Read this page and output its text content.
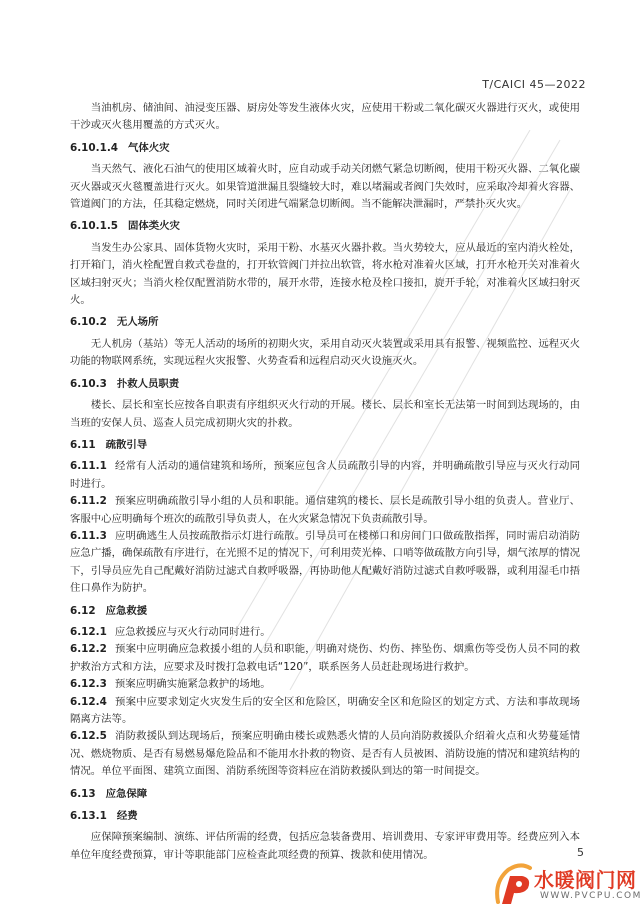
T/CAICI 45—2022
当油机房、储油间、油浸变压器、厨房处等发生液体火灾，应使用干粉或二氧化碳灭火器进行灭火，或使用干沙或灭火毯用覆盖的方式灭火。
6.10.1.4 气体火灾
当天然气、液化石油气的使用区域着火时，应自动或手动关闭燃气紧急切断阀，使用干粉灭火器、二氧化碳灭火器或灭火毯覆盖进行灭火。如果管道泄漏且裂缝较大时，难以堵漏或者阀门失效时，应采取冷却着火容器、管道阀门的方法，任其稳定燃烧，同时关闭进气端紧急切断阀。当不能解决泄漏时，严禁扑灭火灾。
6.10.1.5 固体类火灾
当发生办公家具、固体货物火灾时，采用干粉、水基灭火器扑救。当火势较大，应从最近的室内消火栓处，打开箱门，消火栓配置自救式卷盘的，打开软管阀门并拉出软管，将水枪对准着火区域，打开水枪开关对准着火区域扫射灭火；当消火栓仅配置消防水带的，展开水带，连接水枪及栓口接扣，旋开手轮，对准着火区域扫射灭火。
6.10.2 无人场所
无人机房（基站）等无人活动的场所的初期火灾，采用自动灭火装置或采用具有报警、视频监控、远程灭火功能的物联网系统，实现远程火灾报警、火势查看和远程启动灭火设施灭火。
6.10.3 扑救人员职责
楼长、层长和室长应按各自职责有序组织灭火行动的开展。楼长、层长和室长无法第一时间到达现场的，由当班的安保人员、巡查人员完成初期火灾的扑救。
6.11 疏散引导
6.11.1 经常有人活动的通信建筑和场所，预案应包含人员疏散引导的内容，并明确疏散引导应与灭火行动同时进行。
6.11.2 预案应明确疏散引导小组的人员和职能。通信建筑的楼长、层长是疏散引导小组的负责人。营业厅、客服中心应明确每个班次的疏散引导负责人，在火灾紧急情况下负责疏散引导。
6.11.3 应明确逃生人员按疏散指示灯进行疏散。引导员可在楼梯口和房间门口做疏散指挥，同时需启动消防应急广播，确保疏散有序进行，在光照不足的情况下，可利用荧光棒、口哨等做疏散方向引导，烟气浓厚的情况下，引导员应先自己配戴好消防过滤式自救呼吸器，再协助他人配戴好消防过滤式自救呼吸器，或利用湿毛巾捂住口鼻作为防护。
6.12 应急救援
6.12.1 应急救援应与灭火行动同时进行。
6.12.2 预案中应明确应急救援小组的人员和职能，明确对烧伤、灼伤、摔坠伤、烟熏伤等受伤人员不同的救护救治方式和方法，应要求及时拨打急救电话“120”，联系医务人员赶赴现场进行救护。
6.12.3 预案应明确实施紧急救护的场地。
6.12.4 预案中应要求划定火灾发生后的安全区和危险区，明确安全区和危险区的划定方式、方法和事故现场隔离方法等。
6.12.5 消防救援队到达现场后，预案应明确由楼长或熟悉火情的人员向消防救援队介绍着火点和火势蔓延情况、燃烧物质、是否有易燃易爆危险品和不能用水扑救的物资、是否有人员被困、消防设施的情况和建筑结构的情况。单位平面图、建筑立面图、消防系统图等资料应在消防救援队到达的第一时间提交。
6.13 应急保障
6.13.1 经费
应保障预案编制、演练、评估所需的经费，包括应急装备费用、培训费用、专家评审费用等。经费应列入本单位年度经费预算，审计等职能部门应检查此项经费的预算、拨款和使用情况。	5
水暖阀门网
WWW.PVCPU.COM
